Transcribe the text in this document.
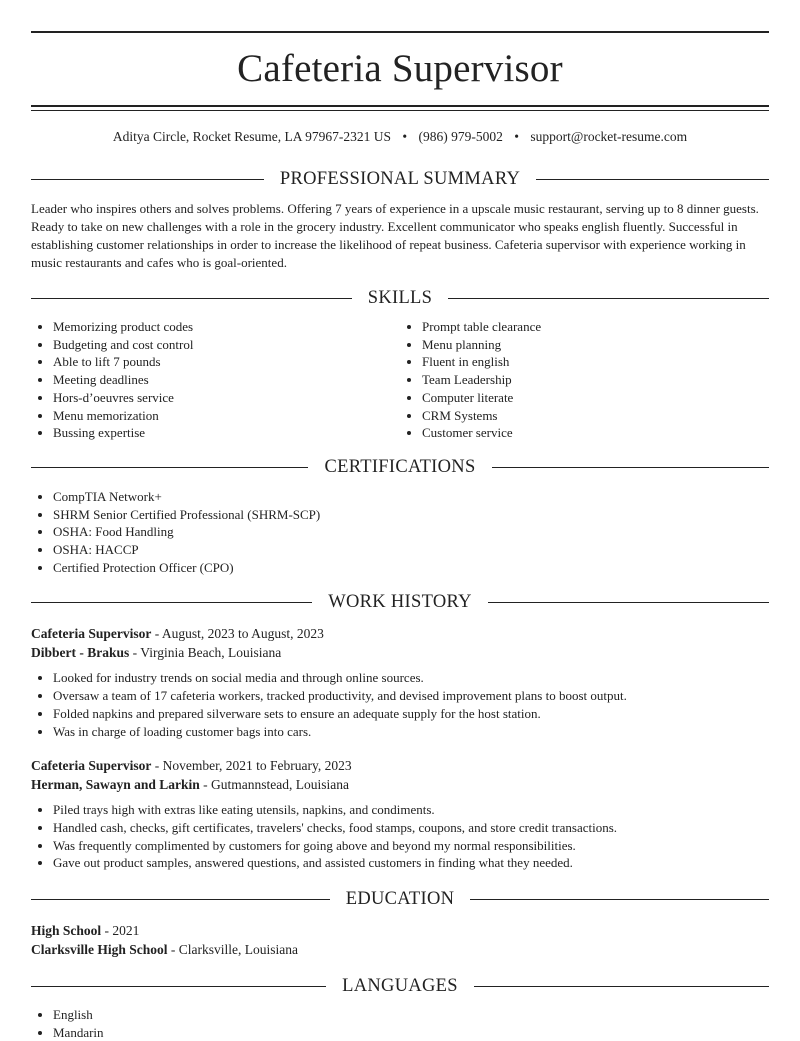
Cafeteria Supervisor
Aditya Circle, Rocket Resume, LA 97967-2321 US • (986) 979-5002 • support@rocket-resume.com
PROFESSIONAL SUMMARY

Leader who inspires others and solves problems. Offering 7 years of experience in a upscale music restaurant, serving up to 8 dinner guests. Ready to take on new challenges with a role in the grocery industry. Excellent communicator who speaks english fluently. Successful in establishing customer relationships in order to increase the likelihood of repeat business. Cafeteria supervisor with experience working in music restaurants and cafes who is goal-oriented.

SKILLS
• Memorizing product codes
• Budgeting and cost control
• Able to lift 7 pounds
• Meeting deadlines
• Hors-d’oeuvres service
• Menu memorization
• Bussing expertise
• Prompt table clearance
• Menu planning
• Fluent in english
• Team Leadership
• Computer literate
• CRM Systems
• Customer service
CERTIFICATIONS
• CompTIA Network+
• SHRM Senior Certified Professional (SHRM-SCP)
• OSHA: Food Handling
• OSHA: HACCP
• Certified Protection Officer (CPO)
WORK HISTORY
Cafeteria Supervisor - August, 2023 to August, 2023
Dibbert - Brakus - Virginia Beach, Louisiana
• Looked for industry trends on social media and through online sources.
• Oversaw a team of 17 cafeteria workers, tracked productivity, and devised improvement plans to boost output.
• Folded napkins and prepared silverware sets to ensure an adequate supply for the host station.
• Was in charge of loading customer bags into cars.
Cafeteria Supervisor - November, 2021 to February, 2023
Herman, Sawayn and Larkin - Gutmannstead, Louisiana
• Piled trays high with extras like eating utensils, napkins, and condiments.
• Handled cash, checks, gift certificates, travelers' checks, food stamps, coupons, and store credit transactions.
• Was frequently complimented by customers for going above and beyond my normal responsibilities.
• Gave out product samples, answered questions, and assisted customers in finding what they needed.
EDUCATION
High School - 2021
Clarksville High School - Clarksville, Louisiana
LANGUAGES
• English
• Mandarin
